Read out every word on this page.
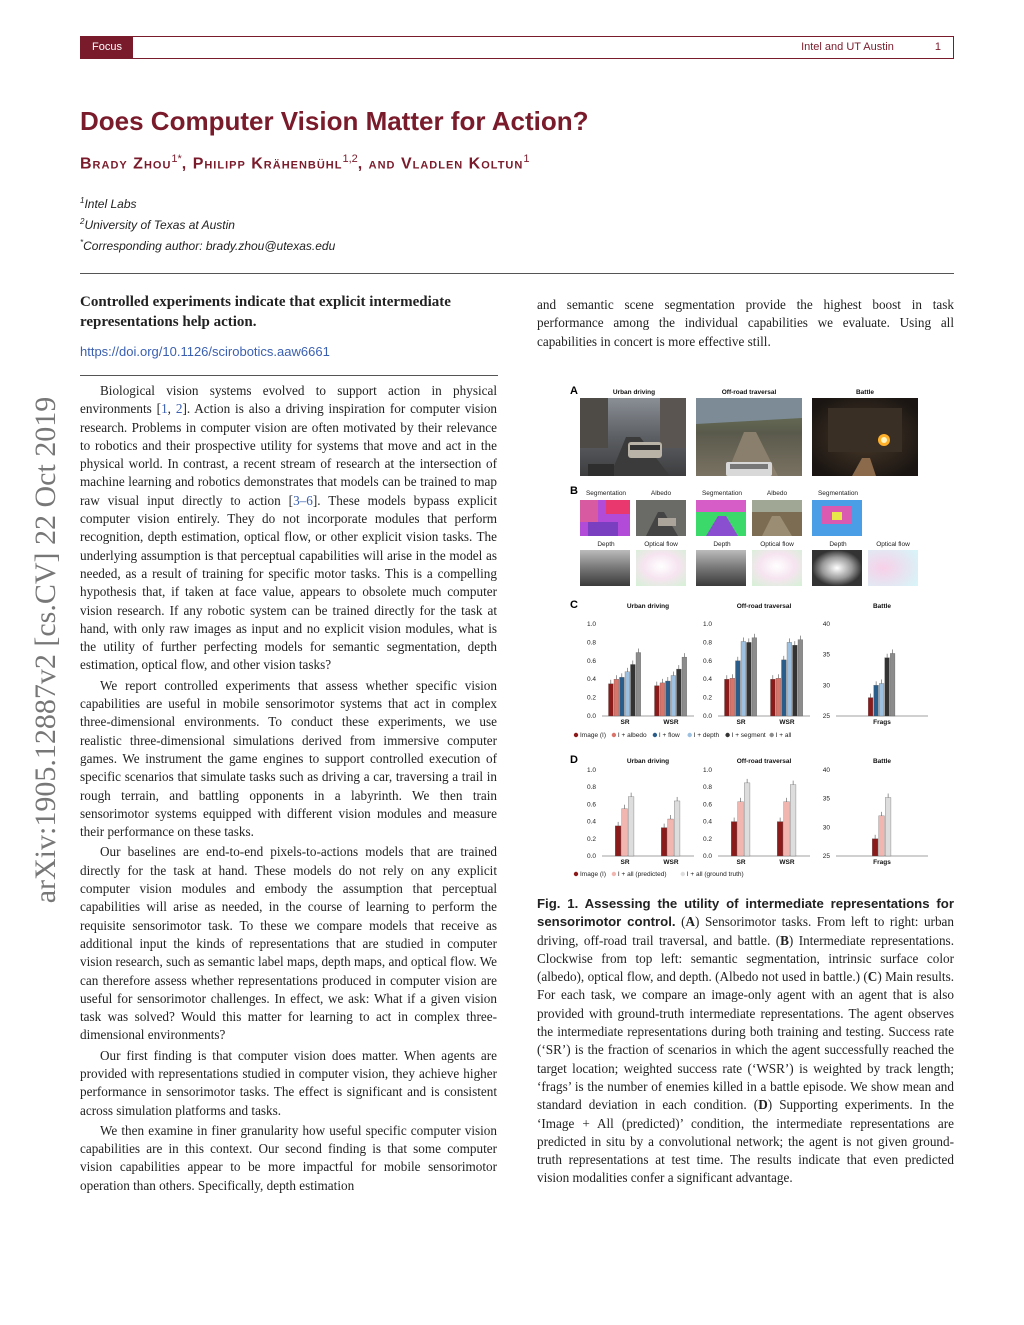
Focus	Intel and UT Austin	1
arXiv:1905.12887v2 [cs.CV] 22 Oct 2019
Does Computer Vision Matter for Action?
Brady Zhou$^{1*}$, Philipp Krähenbühl$^{1,2}$, and Vladlen Koltun$^1$
$^1$Intel Labs
$^2$University of Texas at Austin
*Corresponding author: brady.zhou@utexas.edu
Controlled experiments indicate that explicit intermediate representations help action.
https://doi.org/10.1126/scirobotics.aaw6661

Biological vision systems evolved to support action in physical environments [1, 2]. Action is also a driving inspiration for computer vision research. Problems in computer vision are often motivated by their relevance to robotics and their prospective utility for systems that move and act in the physical world. In contrast, a recent stream of research at the intersection of machine learning and robotics demonstrates that models can be trained to map raw visual input directly to action [3–6]. These models bypass explicit computer vision entirely. They do not incorporate modules that perform recognition, depth estimation, optical flow, or other explicit vision tasks. The underlying assumption is that perceptual capabilities will arise in the model as needed, as a result of training for specific motor tasks. This is a compelling hypothesis that, if taken at face value, appears to obsolete much computer vision research. If any robotic system can be trained directly for the task at hand, with only raw images as input and no explicit vision modules, what is the utility of further perfecting models for semantic segmentation, depth estimation, optical flow, and other vision tasks?

We report controlled experiments that assess whether specific vision capabilities are useful in mobile sensorimotor systems that act in complex three-dimensional environments. To conduct these experiments, we use realistic three-dimensional simulations derived from immersive computer games. We instrument the game engines to support controlled execution of specific scenarios that simulate tasks such as driving a car, traversing a trail in rough terrain, and battling opponents in a labyrinth. We then train sensorimotor systems equipped with different vision modules and measure their performance on these tasks.

Our baselines are end-to-end pixels-to-actions models that are trained directly for the task at hand. These models do not rely on any explicit computer vision modules and embody the assumption that perceptual capabilities will arise as needed, in the course of learning to perform the requisite sensorimotor task. To these we compare models that receive as additional input the kinds of representations that are studied in computer vision research, such as semantic label maps, depth maps, and optical flow. We can therefore assess whether representations produced in computer vision are useful for sensorimotor challenges. In effect, we ask: What if a given vision task was solved? Would this matter for learning to act in complex three-dimensional environments?

Our first finding is that computer vision does matter. When agents are provided with representations studied in computer vision, they achieve higher performance in sensorimotor tasks. The effect is significant and is consistent across simulation platforms and tasks.

We then examine in finer granularity how useful specific computer vision capabilities are in this context. Our second finding is that some computer vision capabilities appear to be more impactful for mobile sensorimotor operation than others. Specifically, depth estimation

and semantic scene segmentation provide the highest boost in task performance among the individual capabilities we evaluate. Using all capabilities in concert is more effective still.

A	Urban driving	Off-road traversal	Battle
B Segmentation	Albedo	Segmentation	Albedo	Segmentation
Depth	Optical flow	Depth	Optical flow	Depth	Optical flow
C
D
Urban driving
0.0
0.2
0.4
0.6
0.8
1.0
SR	WSR
Off-road traversal
0.0
0.2
0.4
0.6
0.8
1.0
SR	WSR
Battle
25
30
35
40
Frags
Urban driving
0.0
0.2
0.4
0.6
0.8
1.0
SR	WSR
Off-road traversal
0.0
0.2
0.4
0.6
0.8
1.0
SR	WSR
Battle
25
30
35
40
Frags
Image (I) I + albedo I + flow I + depth I + segment I + all
Image (I) I + all (predicted)	I + all (ground truth)
Fig. 1. Assessing the utility of intermediate representations for sensorimotor control. (A) Sensorimotor tasks. From left to right: urban driving, off-road trail traversal, and battle. (B) Intermediate representations. Clockwise from top left: semantic segmentation, intrinsic surface color (albedo), optical flow, and depth. (Albedo not used in battle.) (C) Main results. For each task, we compare an image-only agent with an agent that is also provided with ground-truth intermediate representations. The agent observes the intermediate representations during both training and testing. Success rate (‘SR’) is the fraction of scenarios in which the agent successfully reached the target location; weighted success rate (‘WSR’) is weighted by track length; ‘frags’ is the number of enemies killed in a battle episode. We show mean and standard deviation in each condition. (D) Supporting experiments. In the ‘Image + All (predicted)’ condition, the intermediate representations are predicted in situ by a convolutional network; the agent is not given ground-truth representations at test time. The results indicate that even predicted vision modalities confer a significant advantage.
